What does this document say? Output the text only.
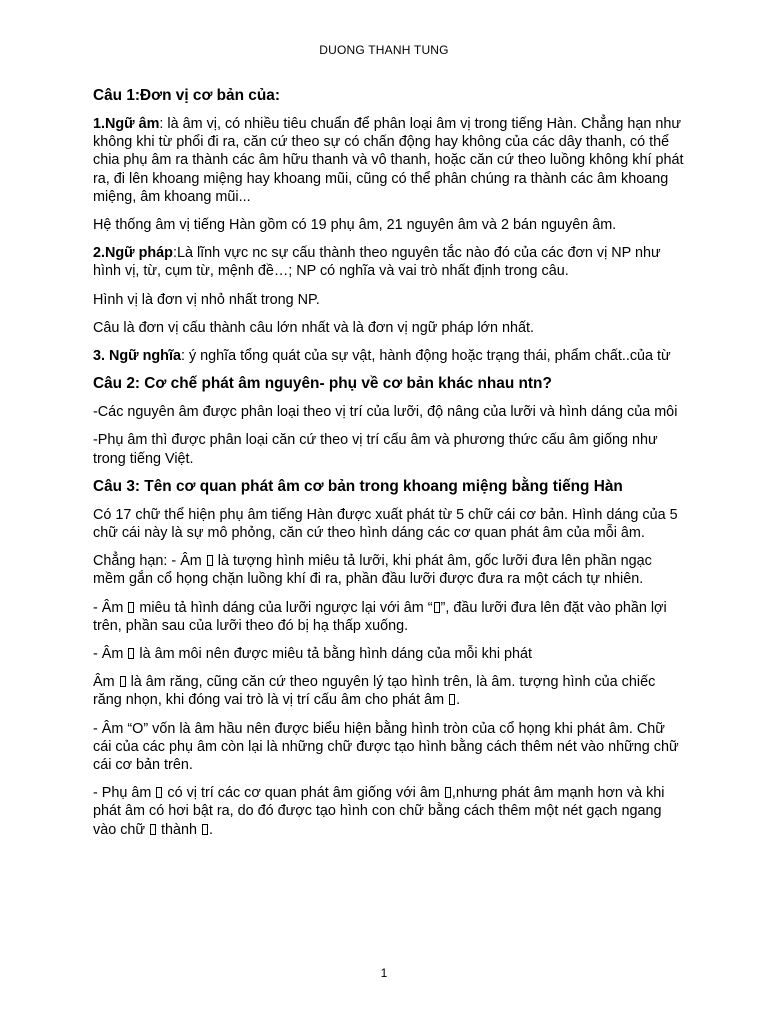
DUONG THANH TUNG
Câu 1:Đơn vị cơ bản của:

1.Ngữ âm: là âm vị, có nhiều tiêu chuẩn để phân loại âm vị trong tiếng Hàn. Chẳng hạn như không khi từ phổi đi ra, căn cứ theo sự có chấn động hay không của các dây thanh, có thể chia phụ âm ra thành các âm hữu thanh và vô thanh, hoặc căn cứ theo luồng không khí phát ra, đi lên khoang miệng hay khoang mũi, cũng có thể phân chúng ra thành các âm khoang miệng, âm khoang mũi...

Hệ thống âm vị tiếng Hàn gồm có 19 phụ âm, 21 nguyên âm và 2 bán nguyên âm.

2.Ngữ pháp:Là lĩnh vực nc sự cấu thành theo nguyên tắc nào đó của các đơn vị NP như hình vị, từ, cụm từ, mệnh đề…; NP có nghĩa và vai trò nhất định trong câu.

Hình vị là đơn vị nhỏ nhất trong NP.

Câu là đơn vị cấu thành câu lớn nhất và là đơn vị ngữ pháp lớn nhất.

3. Ngữ nghĩa: ý nghĩa tổng quát của sự vật, hành động hoặc trạng thái, phẩm chất..của từ

Câu 2: Cơ chế phát âm nguyên- phụ về cơ bản khác nhau ntn?

-Các nguyên âm được phân loại theo vị trí của lưỡi, độ nâng của lưỡi và hình dáng của môi

-Phụ âm thì được phân loại căn cứ theo vị trí cấu âm và phương thức cấu âm giống như trong tiếng Việt.

Câu 3: Tên cơ quan phát âm cơ bản trong khoang miệng bằng tiếng Hàn

Có 17 chữ thể hiện phụ âm tiếng Hàn được xuất phát từ 5 chữ cái cơ bản. Hình dáng của 5 chữ cái này là sự mô phỏng, căn cứ theo hình dáng các cơ quan phát âm của mỗi âm.

Chẳng hạn: - Âm  là tượng hình miêu tả lưỡi, khi phát âm, gốc lưỡi đưa lên phần ngạc mềm gắn cổ họng chặn luồng khí đi ra, phần đầu lưỡi được đưa ra một cách tự nhiên.

- Âm  miêu tả hình dáng của lưỡi ngược lại với âm “ ”, đầu lưỡi đưa lên đặt vào phần lợi trên, phần sau của lưỡi theo đó bị hạ thấp xuống.

- Âm  là âm môi nên được miêu tả bằng hình dáng của mỗi khi phát

Âm  là âm răng, cũng căn cứ theo nguyên lý tạo hình trên, là âm. tượng hình của chiếc răng nhọn, khi đóng vai trò là vị trí cấu âm cho phát âm .

- Âm “O” vốn là âm hầu nên được biểu hiện bằng hình tròn của cổ họng khi phát âm. Chữ cái của các phụ âm còn lại là những chữ được tạo hình bằng cách thêm nét vào những chữ cái cơ bản trên.

- Phụ âm  có vị trí các cơ quan phát âm giống với âm ,nhưng phát âm mạnh hơn và khi phát âm có hơi bật ra, do đó được tạo hình con chữ bằng cách thêm một nét gạch ngang vào chữ  thành .

1
